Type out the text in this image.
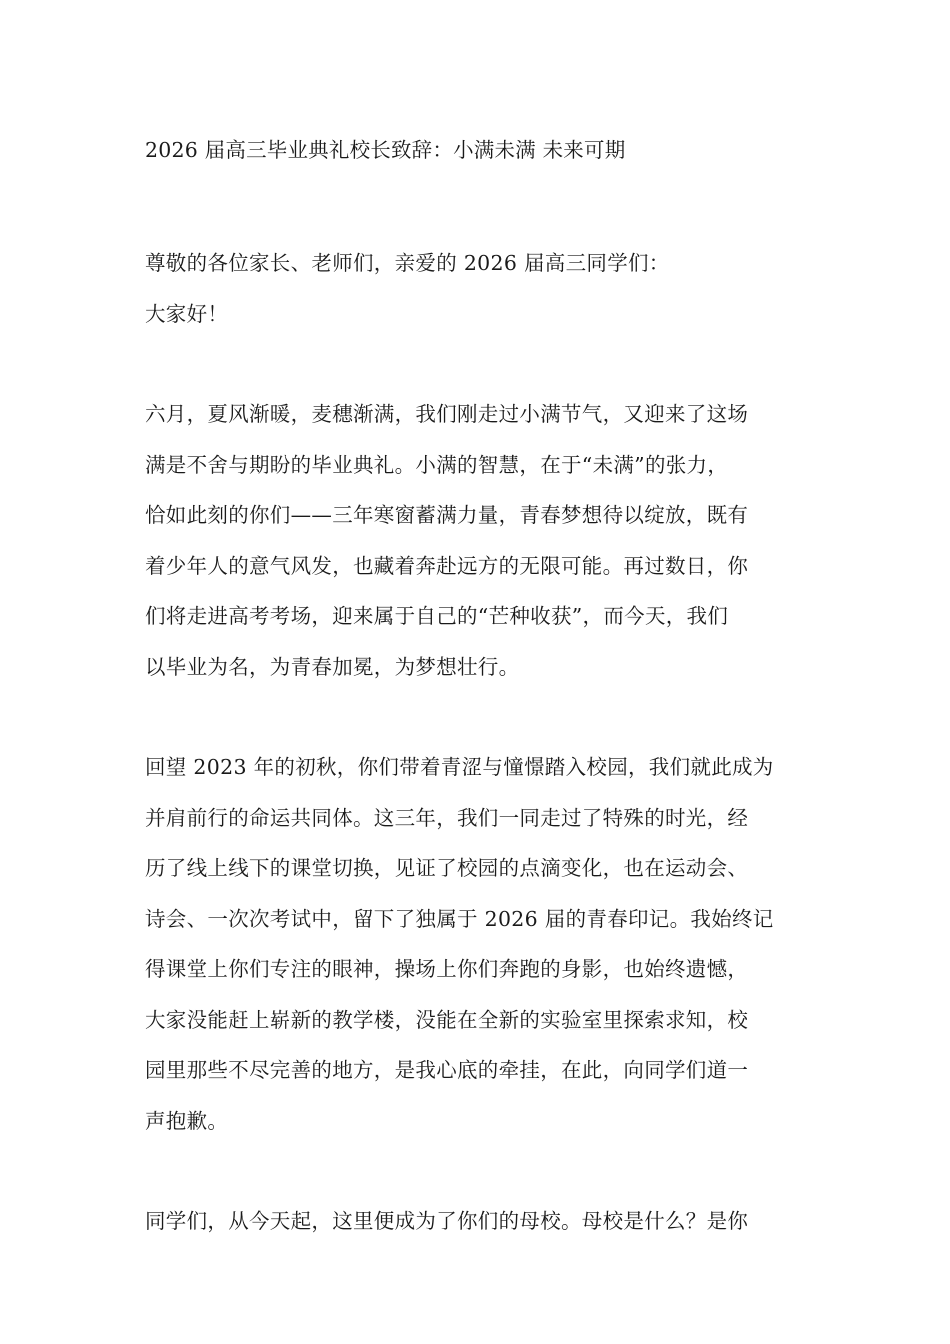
2026 届高三毕业典礼校长致辞：小满未满 未来可期

尊敬的各位家长、老师们，亲爱的 2026 届高三同学们：

大家好！

六月，夏风渐暖，麦穗渐满，我们刚走过小满节气，又迎来了这场

满是不舍与期盼的毕业典礼。小满的智慧，在于“未满”的张力，

恰如此刻的你们——三年寒窗蓄满力量，青春梦想待以绽放，既有

着少年人的意气风发，也藏着奔赴远方的无限可能。再过数日，你

们将走进高考考场，迎来属于自己的“芒种收获”，而今天，我们

以毕业为名，为青春加冕，为梦想壮行。

回望 2023 年的初秋，你们带着青涩与憧憬踏入校园，我们就此成为

并肩前行的命运共同体。这三年，我们一同走过了特殊的时光，经

历了线上线下的课堂切换，见证了校园的点滴变化，也在运动会、

诗会、一次次考试中，留下了独属于 2026 届的青春印记。我始终记

得课堂上你们专注的眼神，操场上你们奔跑的身影，也始终遗憾，

大家没能赶上崭新的教学楼，没能在全新的实验室里探索求知，校

园里那些不尽完善的地方，是我心底的牵挂，在此，向同学们道一

声抱歉。

同学们，从今天起，这里便成为了你们的母校。母校是什么？是你
